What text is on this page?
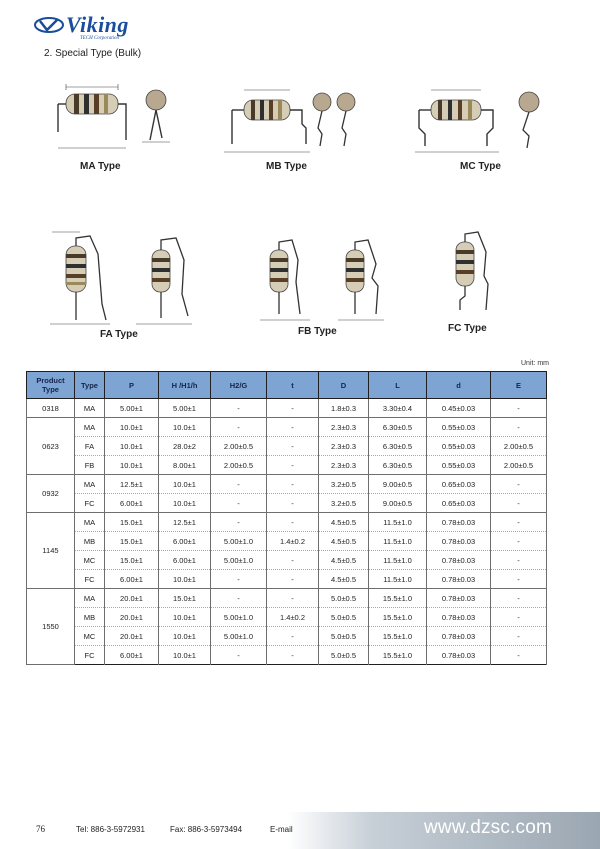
Viking
TECH Corporation
2. Special Type (Bulk)
MA Type	MB Type	MC Type
FA Type	FB Type	FC Type
Unit: mm
Product Type	Type	P	H /H1/h	H2/G	t	D	L	d	E
0318	MA	5.00±1	5.00±1	-	-	1.8±0.3	3.30±0.4	0.45±0.03	-
0623	MA	10.0±1	10.0±1	-	-	2.3±0.3	6.30±0.5	0.55±0.03	-
	FA	10.0±1	28.0±2	2.00±0.5	-	2.3±0.3	6.30±0.5	0.55±0.03	2.00±0.5
	FB	10.0±1	8.00±1	2.00±0.5	-	2.3±0.3	6.30±0.5	0.55±0.03	2.00±0.5
0932	MA	12.5±1	10.0±1	-	-	3.2±0.5	9.00±0.5	0.65±0.03	-
	FC	6.00±1	10.0±1	-	-	3.2±0.5	9.00±0.5	0.65±0.03	-
1145	MA	15.0±1	12.5±1	-	-	4.5±0.5	11.5±1.0	0.78±0.03	-
	MB	15.0±1	6.00±1	5.00±1.0	1.4±0.2	4.5±0.5	11.5±1.0	0.78±0.03	-
	MC	15.0±1	6.00±1	5.00±1.0	-	4.5±0.5	11.5±1.0	0.78±0.03	-
	FC	6.00±1	10.0±1	-	-	4.5±0.5	11.5±1.0	0.78±0.03	-
1550	MA	20.0±1	15.0±1	-	-	5.0±0.5	15.5±1.0	0.78±0.03	-
	MB	20.0±1	10.0±1	5.00±1.0	1.4±0.2	5.0±0.5	15.5±1.0	0.78±0.03	-
	MC	20.0±1	10.0±1	5.00±1.0	-	5.0±0.5	15.5±1.0	0.78±0.03	-
	FC	6.00±1	10.0±1	-	-	5.0±0.5	15.5±1.0	0.78±0.03	-
76	Tel: 886-3-5972931	Fax: 886-3-5973494	E-mail	www.dzsc.com
